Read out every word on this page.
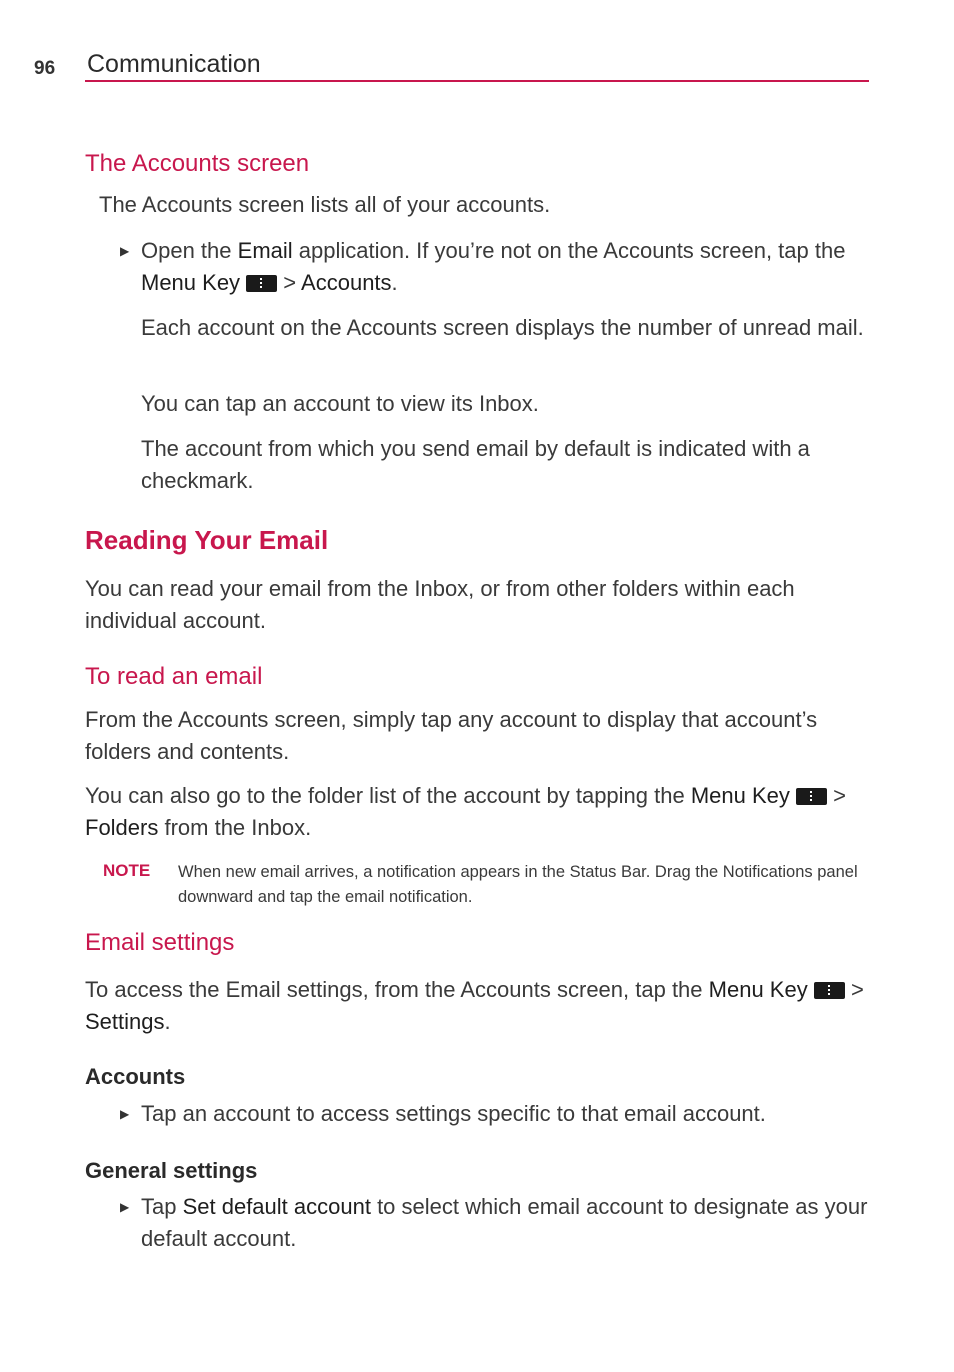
96 Communication
The Accounts screen

The Accounts screen lists all of your accounts.

▶ Open the Email application. If you’re not on the Accounts screen, tap the Menu Key  > Accounts.

Each account on the Accounts screen displays the number of unread mail.

You can tap an account to view its Inbox.

The account from which you send email by default is indicated with a checkmark.

Reading Your Email

You can read your email from the Inbox, or from other folders within each individual account.

To read an email

From the Accounts screen, simply tap any account to display that account’s folders and contents.

You can also go to the folder list of the account by tapping the Menu Key  > Folders from the Inbox.

NOTE When new email arrives, a notification appears in the Status Bar. Drag the Notifications panel downward and tap the email notification.

Email settings

To access the Email settings, from the Accounts screen, tap the Menu Key  > Settings.

Accounts
▶ Tap an account to access settings specific to that email account.

General settings
▶ Tap Set default account to select which email account to designate as your default account.
